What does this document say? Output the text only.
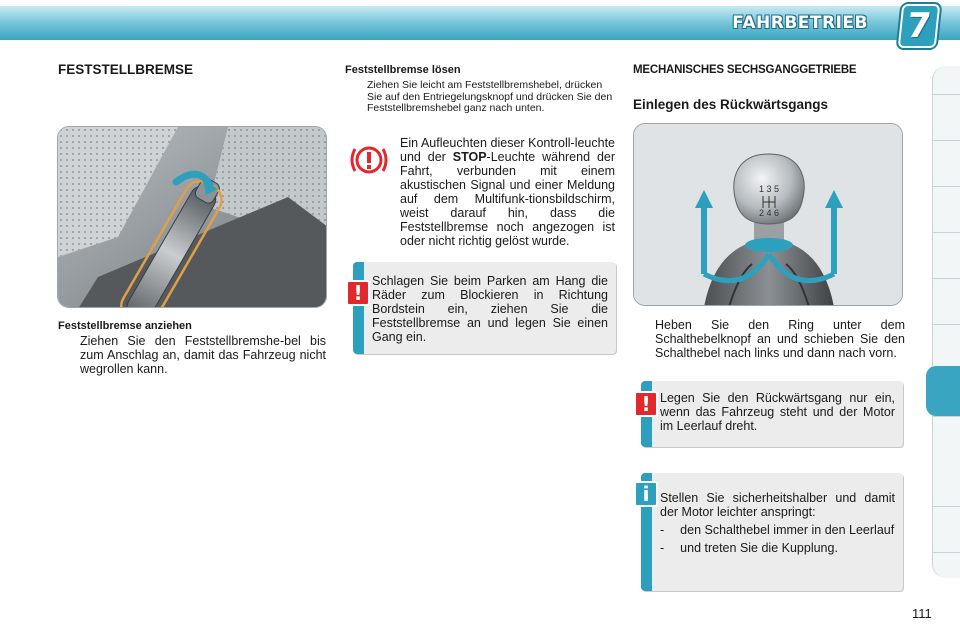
FAHRBETRIEB 7
FESTSTELLBREMSE
Feststellbremse anziehen
Ziehen Sie den Feststellbremshe-bel bis zum Anschlag an, damit das Fahrzeug nicht wegrollen kann.
Feststellbremse lösen
Ziehen Sie leicht am Feststellbremshebel, drücken Sie auf den Entriegelungsknopf und drücken Sie den Feststellbremshebel ganz nach unten.
Ein Aufleuchten dieser Kontroll-leuchte und der STOP-Leuchte während der Fahrt, verbunden mit einem akustischen Signal und einer Meldung auf dem Multifunk-tionsbildschirm, weist darauf hin, dass die Feststellbremse noch angezogen ist oder nicht richtig gelöst wurde.
! Schlagen Sie beim Parken am Hang die Räder zum Blockieren in Richtung Bordstein ein, ziehen Sie die Feststellbremse an und legen Sie einen Gang ein.
MECHANISCHES SECHSGANGGETRIEBE
Einlegen des Rückwärtsgangs
1 3 5
2 4 6
Heben Sie den Ring unter dem Schalthebelknopf an und schieben Sie den Schalthebel nach links und dann nach vorn.
! Legen Sie den Rückwärtsgang nur ein, wenn das Fahrzeug steht und der Motor im Leerlauf dreht.
i Stellen Sie sicherheitshalber und damit der Motor leichter anspringt:
-	den Schalthebel immer in den Leerlauf
-	und treten Sie die Kupplung.
111
